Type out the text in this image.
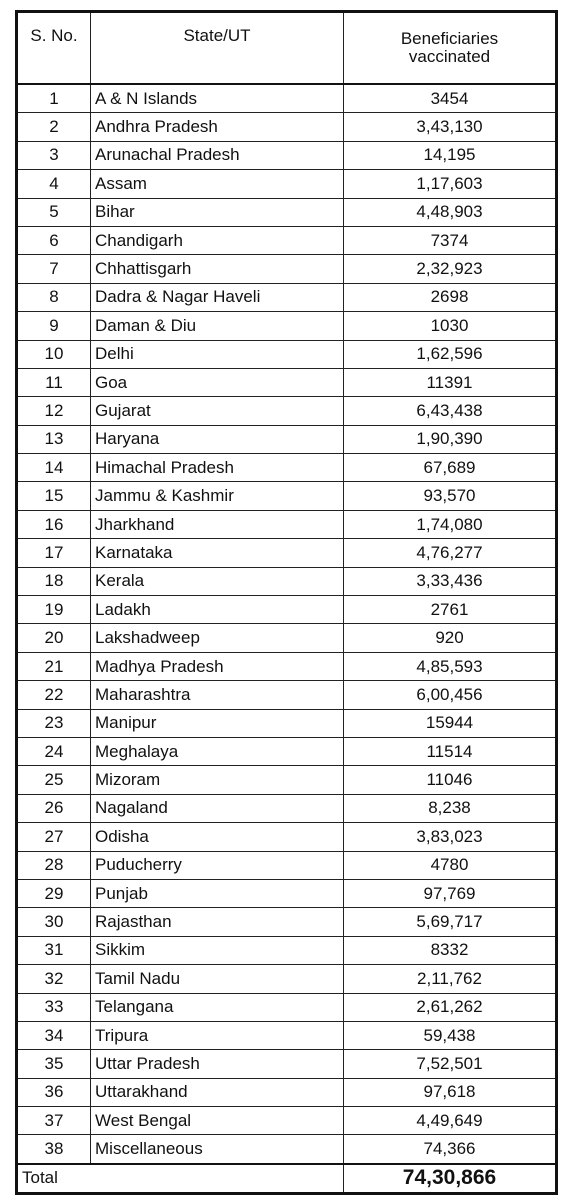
S. No.	State/UT	Beneficiaries
vaccinated

1	A & N Islands	3454
2	Andhra Pradesh	3,43,130
3	Arunachal Pradesh	14,195
4	Assam	1,17,603
5	Bihar	4,48,903
6	Chandigarh	7374
7	Chhattisgarh	2,32,923
8	Dadra & Nagar Haveli	2698
9	Daman & Diu	1030
10	Delhi	1,62,596
11	Goa	11391
12	Gujarat	6,43,438
13	Haryana	1,90,390
14	Himachal Pradesh	67,689
15	Jammu & Kashmir	93,570
16	Jharkhand	1,74,080
17	Karnataka	4,76,277
18	Kerala	3,33,436
19	Ladakh	2761
20	Lakshadweep	920
21	Madhya Pradesh	4,85,593
22	Maharashtra	6,00,456
23	Manipur	15944
24	Meghalaya	11514
25	Mizoram	11046
26	Nagaland	8,238
27	Odisha	3,83,023
28	Puducherry	4780
29	Punjab	97,769
30	Rajasthan	5,69,717
31	Sikkim	8332
32	Tamil Nadu	2,11,762
33	Telangana	2,61,262
34	Tripura	59,438
35	Uttar Pradesh	7,52,501
36	Uttarakhand	97,618
37	West Bengal	4,49,649
38	Miscellaneous	74,366
Total		74,30,866
